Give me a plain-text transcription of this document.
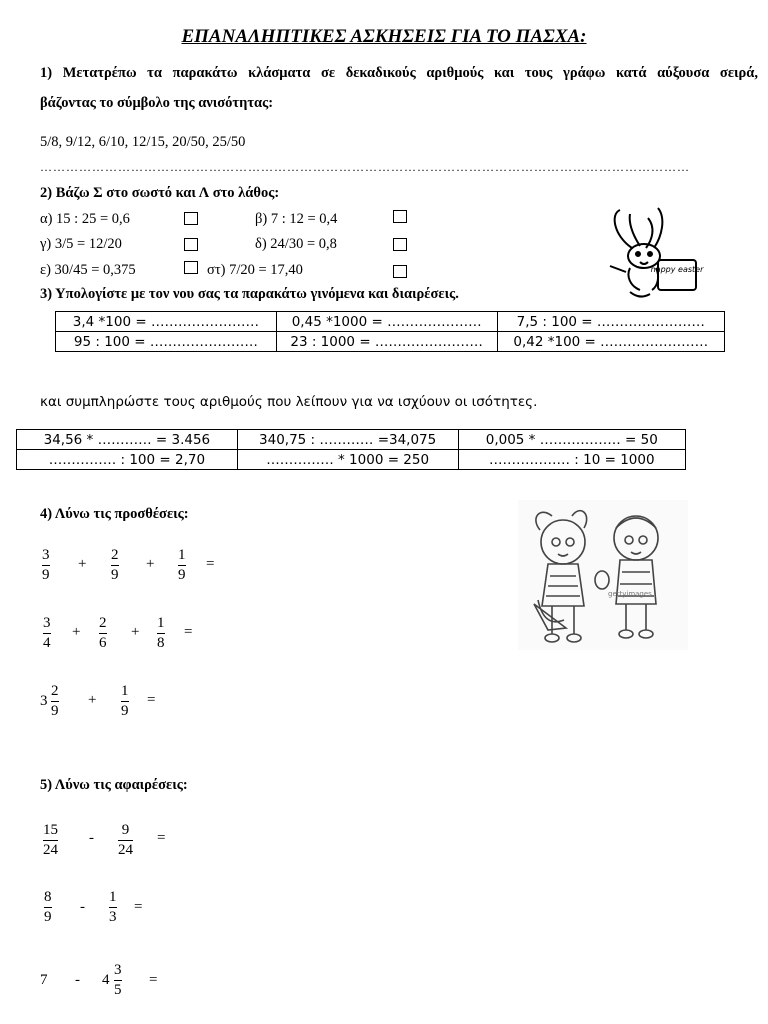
ΕΠΑΝΑΛΗΠΤΙΚΕΣ ΑΣΚΗΣΕΙΣ ΓΙΑ ΤΟ ΠΑΣΧΑ:
1) Μετατρέπω τα παρακάτω κλάσματα σε δεκαδικούς αριθμούς και τους γράφω κατά αύξουσα σειρά,
βάζοντας το σύμβολο της ανισότητας:
5/8, 9/12, 6/10, 12/15, 20/50, 25/50
……………………………………………………………………………………………………………………………………
2) Βάζω Σ στο σωστό και Λ στο λάθος:
α) 15 : 25 = 0,6	β) 7 : 12 = 0,4
γ) 3/5 = 12/20	δ) 24/30 = 0,8
ε) 30/45 = 0,375	στ) 7/20 = 17,40	happy easter
3) Υπολογίστε με τον νου σας τα παρακάτω γινόμενα και διαιρέσεις.
3,4 *100 = ……………………	0,45 *1000 = …………………	7,5 : 100 = ……………………
95 : 100 = ……………………	23 : 1000 = ……………………	0,42 *100 = ……………………
και συμπληρώστε τους αριθμούς που λείπουν για να ισχύουν οι ισότητες.
34,56 * ………… = 3.456	340,75 : ………… =34,075	0,005 * ……………… = 50
…………… : 100 = 2,70	…………… * 1000 = 250	……………… : 10 = 1000
4) Λύνω τις προσθέσεις:
3
9
+
2
9
+
1
9
=
3
4
+
2
6
+
1
8
=
3
2
9
+
1
9
=
gettyimages
5) Λύνω τις αφαιρέσεις:
15
24
- 9
24
=
8
9
-
1
3
=
7 - 4
3
5
=
